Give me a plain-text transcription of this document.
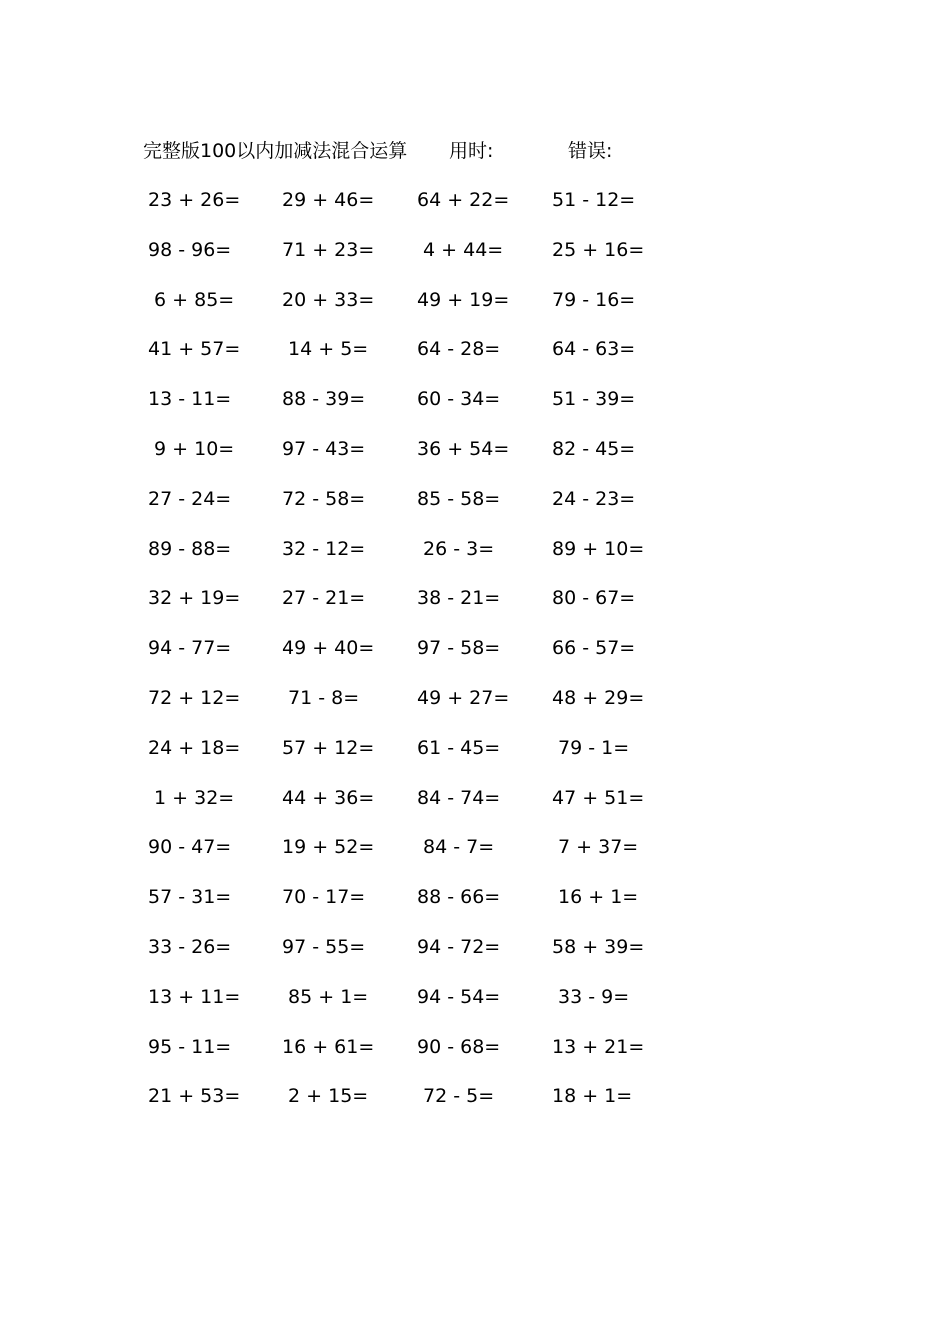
完整版100以内加减法混合运算 用时:	错误:
23 + 26= 29 + 46= 64 + 22= 51 - 12=
98 - 96=	71 + 23= 4 + 44=	25 + 16=
6 + 85=	20 + 33= 49 + 19= 79 - 16=
41 + 57= 14 + 5=	64 - 28=	64 - 63=
13 - 11=	88 - 39=	60 - 34=	51 - 39=
9 + 10=	97 - 43=	36 + 54= 82 - 45=
27 - 24=	72 - 58=	85 - 58=	24 - 23=
89 - 88=	32 - 12=	26 - 3=	89 + 10=
32 + 19= 27 - 21=	38 - 21=	80 - 67=
94 - 77=	49 + 40= 97 - 58=	66 - 57=
72 + 12= 71 - 8=	49 + 27= 48 + 29=
24 + 18= 57 + 12= 61 - 45=	79 - 1=
1 + 32=	44 + 36= 84 - 74=	47 + 51=
90 - 47=	19 + 52= 84 - 7=	7 + 37=
57 - 31=	70 - 17=	88 - 66=	16 + 1=
33 - 26=	97 - 55=	94 - 72=	58 + 39=
13 + 11= 85 + 1=	94 - 54=	33 - 9=
95 - 11=	16 + 61= 90 - 68=	13 + 21=
21 + 53= 2 + 15=	72 - 5=	18 + 1=
